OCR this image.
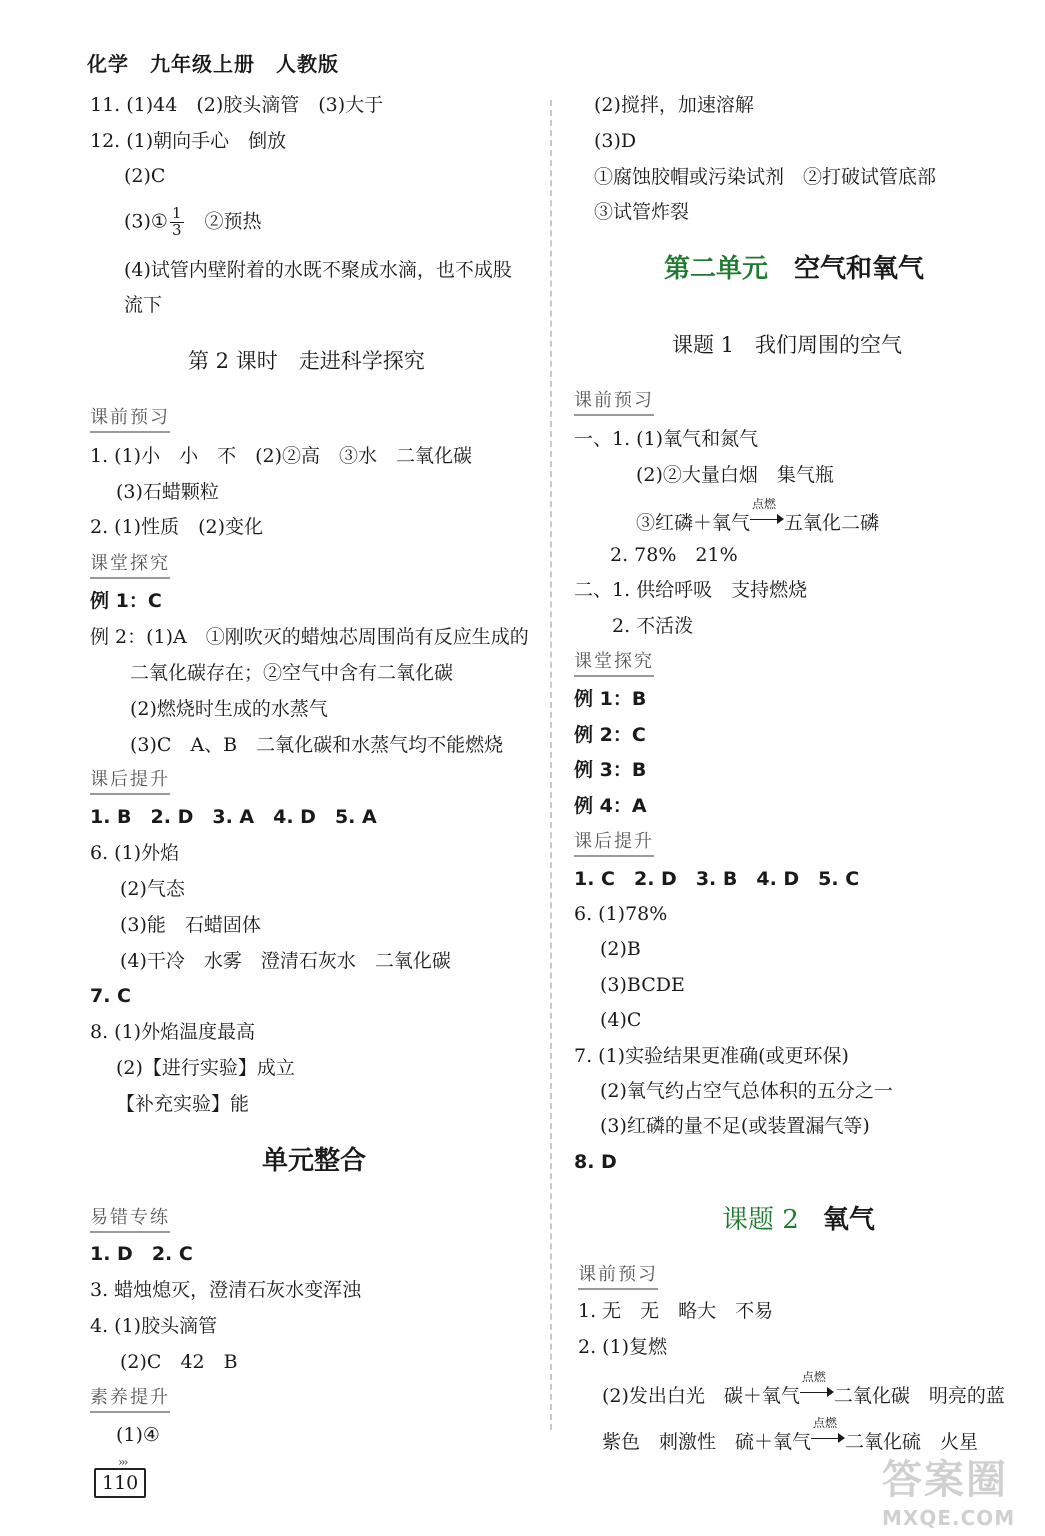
化学　九年级上册　人教版
11. (1)44　(2)胶头滴管　(3)大于
12. (1)朝向手心　倒放
(2)C
(3)① $\frac{1}{3}$ 　②预热
(4)试管内壁附着的水既不聚成水滴，也不成股
流下
第 2 课时　走进科学探究
课前预习
1. (1)小　小　不　(2)②高　③水　二氧化碳
(3)石蜡颗粒
2. (1)性质　(2)变化
课堂探究
例 1：C
例 2：(1)A　①刚吹灭的蜡烛芯周围尚有反应生成的
二氧化碳存在；②空气中含有二氧化碳
(2)燃烧时生成的水蒸气
(3)C　A、B　二氧化碳和水蒸气均不能燃烧
课后提升
1. B　2. D　3. A　4. D　5. A
6. (1)外焰
(2)气态
(3)能　石蜡固体
(4)干冷　水雾　澄清石灰水　二氧化碳
7. C
8. (1)外焰温度最高
(2)【进行实验】成立
【补充实验】能
单元整合
易错专练
1. D　2. C
3. 蜡烛熄灭，澄清石灰水变浑浊
4. (1)胶头滴管
(2)C　42　B
素养提升
(1)④
(2)搅拌，加速溶解
(3)D
①腐蚀胶帽或污染试剂　②打破试管底部
③试管炸裂
第二单元 空气和氧气
课题 1　我们周围的空气
课前预习
一、1. (1)氧气和氮气
(2)②大量白烟　集气瓶
③红磷＋氧气
点燃
五氧化二磷
2. 78%　21%
二、1. 供给呼吸　支持燃烧
2. 不活泼
课堂探究
例 1：B
例 2：C
例 3：B
例 4：A
课后提升
1. C　2. D　3. B　4. D　5. C
6. (1)78%
(2)B
(3)BCDE
(4)C
7. (1)实验结果更准确(或更环保)
(2)氧气约占空气总体积的五分之一
(3)红磷的量不足(或装置漏气等)
8. D
课题 2 氧气
课前预习
1. 无　无　略大　不易
2. (1)复燃
(2)发出白光　碳＋氧气
点燃
二氧化碳　明亮的蓝
紫色　刺激性　硫＋氧气
点燃
二氧化硫　火星
›››
110	答案圈
MXQE.COM
